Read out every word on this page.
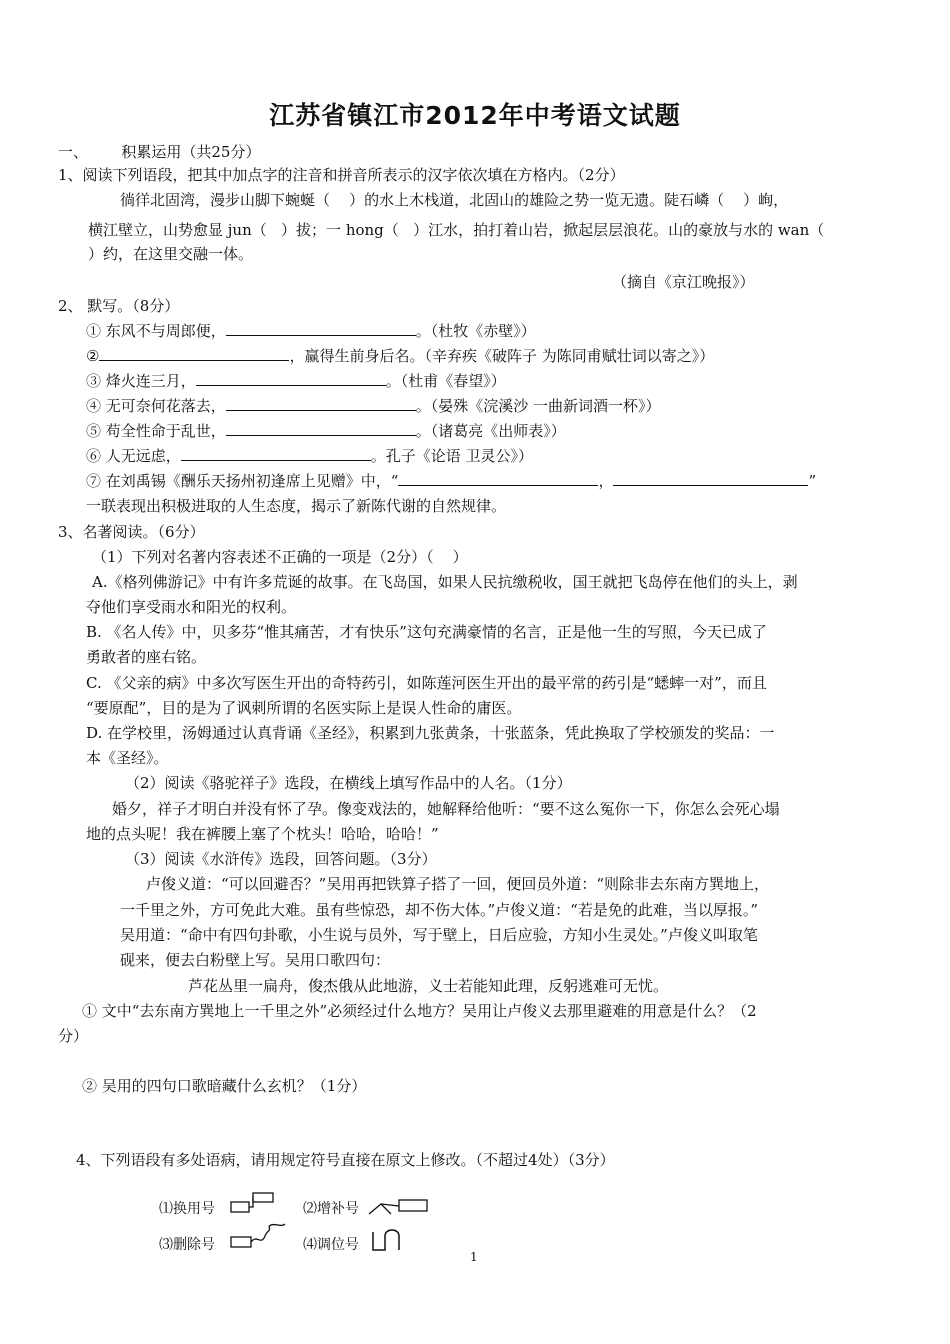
江苏省镇江市2012年中考语文试题
一、       积累运用（共25分）
1、阅读下列语段，把其中加点字的注音和拼音所表示的汉字依次填在方格内。（2分）
徜徉北固湾，漫步山脚下蜿蜒（    ）的水上木栈道，北固山的雄险之势一览无遗。陡石嶙（    ）峋，
横江壁立，山势愈显 jun（   ）拔；一 hong（   ）江水，拍打着山岩，掀起层层浪花。山的豪放与水的 wan（
）约，在这里交融一体。
（摘自《京江晚报》）
2、 默写。（8分）
① 东风不与周郎便，	。（杜牧《赤壁》）
②	，赢得生前身后名。（辛弃疾《破阵子 为陈同甫赋壮词以寄之》）
③ 烽火连三月，	。（杜甫《春望》）
④ 无可奈何花落去，	。（晏殊《浣溪沙 一曲新词酒一杯》）
⑤ 苟全性命于乱世，	。（诸葛亮《出师表》）
⑥ 人无远虑，	。孔子《论语 卫灵公》）
⑦ 在刘禹锡《酬乐天扬州初逢席上见赠》中，“	，	”
一联表现出积极进取的人生态度，揭示了新陈代谢的自然规律。
3、名著阅读。（6分）
（1）下列对名著内容表述不正确的一项是（2分）（    ）
A.《格列佛游记》中有许多荒诞的故事。在飞岛国，如果人民抗缴税收，国王就把飞岛停在他们的头上，剥
夺他们享受雨水和阳光的权利。
B. 《名人传》中，贝多芬“惟其痛苦，才有快乐”这句充满豪情的名言，正是他一生的写照，今天已成了
勇敢者的座右铭。
C. 《父亲的病》中多次写医生开出的奇特药引，如陈莲河医生开出的最平常的药引是“蟋蟀一对”，而且
“要原配”，目的是为了讽刺所谓的名医实际上是误人性命的庸医。
D. 在学校里，汤姆通过认真背诵《圣经》，积累到九张黄条，十张蓝条，凭此换取了学校颁发的奖品：一
本《圣经》。
（2）阅读《骆驼祥子》选段，在横线上填写作品中的人名。（1分）
婚夕，祥子才明白并没有怀了孕。像变戏法的，她解释给他听：“要不这么冤你一下，你怎么会死心塌
地的点头呢！我在裤腰上塞了个枕头！哈哈，哈哈！”
（3）阅读《水浒传》选段，回答问题。（3分）
卢俊义道：“可以回避否？”吴用再把铁算子搭了一回，便回员外道：“则除非去东南方巽地上，
一千里之外，方可免此大难。虽有些惊恐，却不伤大体。”卢俊义道：“若是免的此难，当以厚报。”
吴用道：“命中有四句卦歌，小生说与员外，写于壁上，日后应验，方知小生灵处。”卢俊义叫取笔
砚来，便去白粉壁上写。吴用口歌四句：
芦花丛里一扁舟，俊杰俄从此地游，义士若能知此理，反躬逃难可无忧。
① 文中“去东南方巽地上一千里之外”必须经过什么地方？吴用让卢俊义去那里避难的用意是什么？（2
分）
② 吴用的四句口歌暗藏什么玄机？（1分）
4、下列语段有多处语病，请用规定符号直接在原文上修改。（不超过4处）（3分）
⑴换用号	⑵增补号
⑶删除号	⑷调位号
1
